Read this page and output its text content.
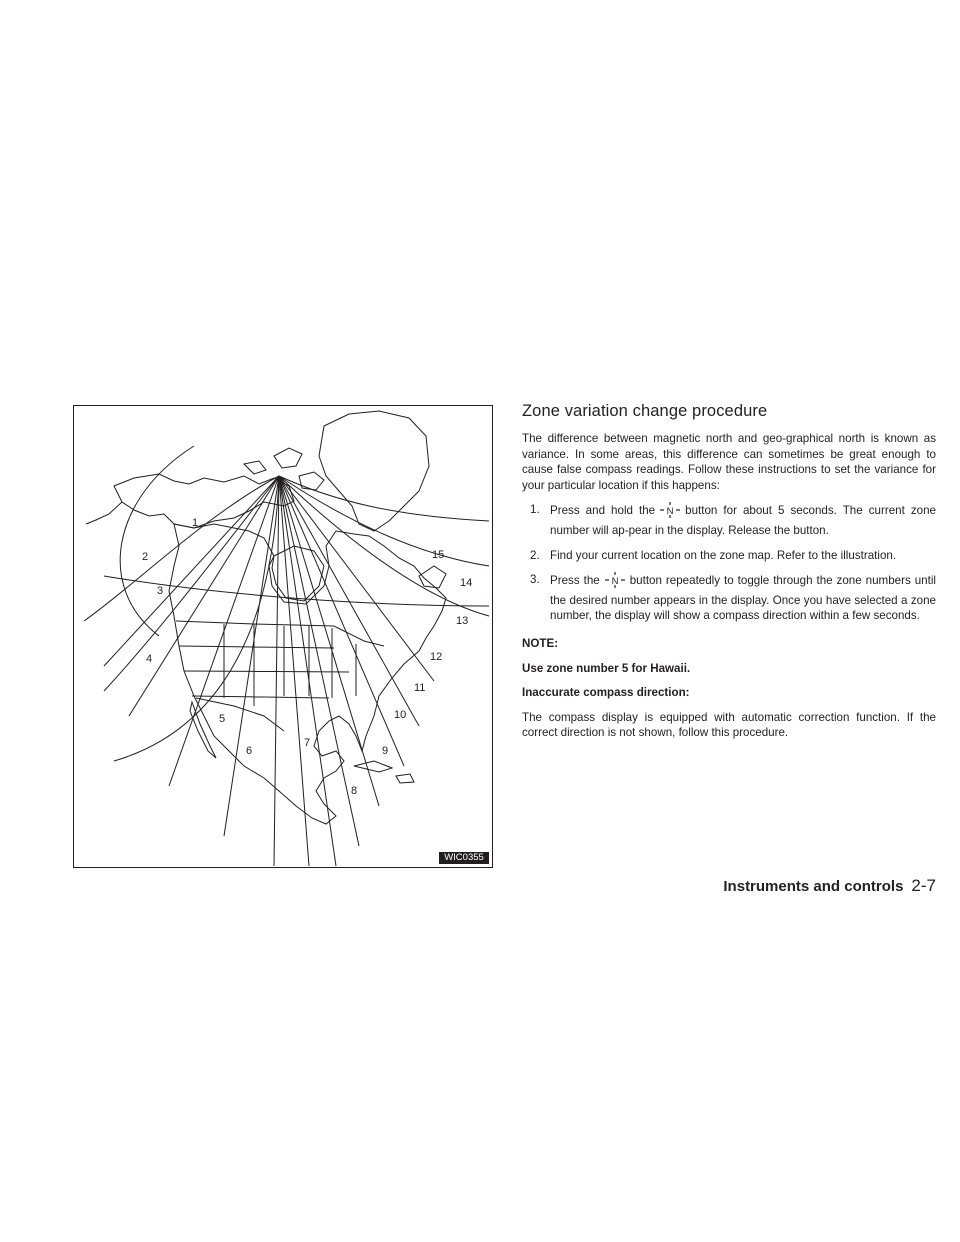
1
2
3
4
5
6
7
8
9
10
11
12
13
14
15
WIC0355
Zone variation change procedure

The difference between magnetic north and geo-graphical north is known as variance. In some areas, this difference can sometimes be great enough to cause false compass readings. Follow these instructions to set the variance for your particular location if this happens:

1. Press and hold the N button for about 5 seconds. The current zone number will ap-pear in the display. Release the button.
2. Find your current location on the zone map. Refer to the illustration.
3. Press the N button repeatedly to toggle through the zone numbers until the desired number appears in the display. Once you have selected a zone number, the display will show a compass direction within a few seconds.

NOTE:

Use zone number 5 for Hawaii.

Inaccurate compass direction:

The compass display is equipped with automatic correction function. If the correct direction is not shown, follow this procedure.

Instruments and controls 2-7
